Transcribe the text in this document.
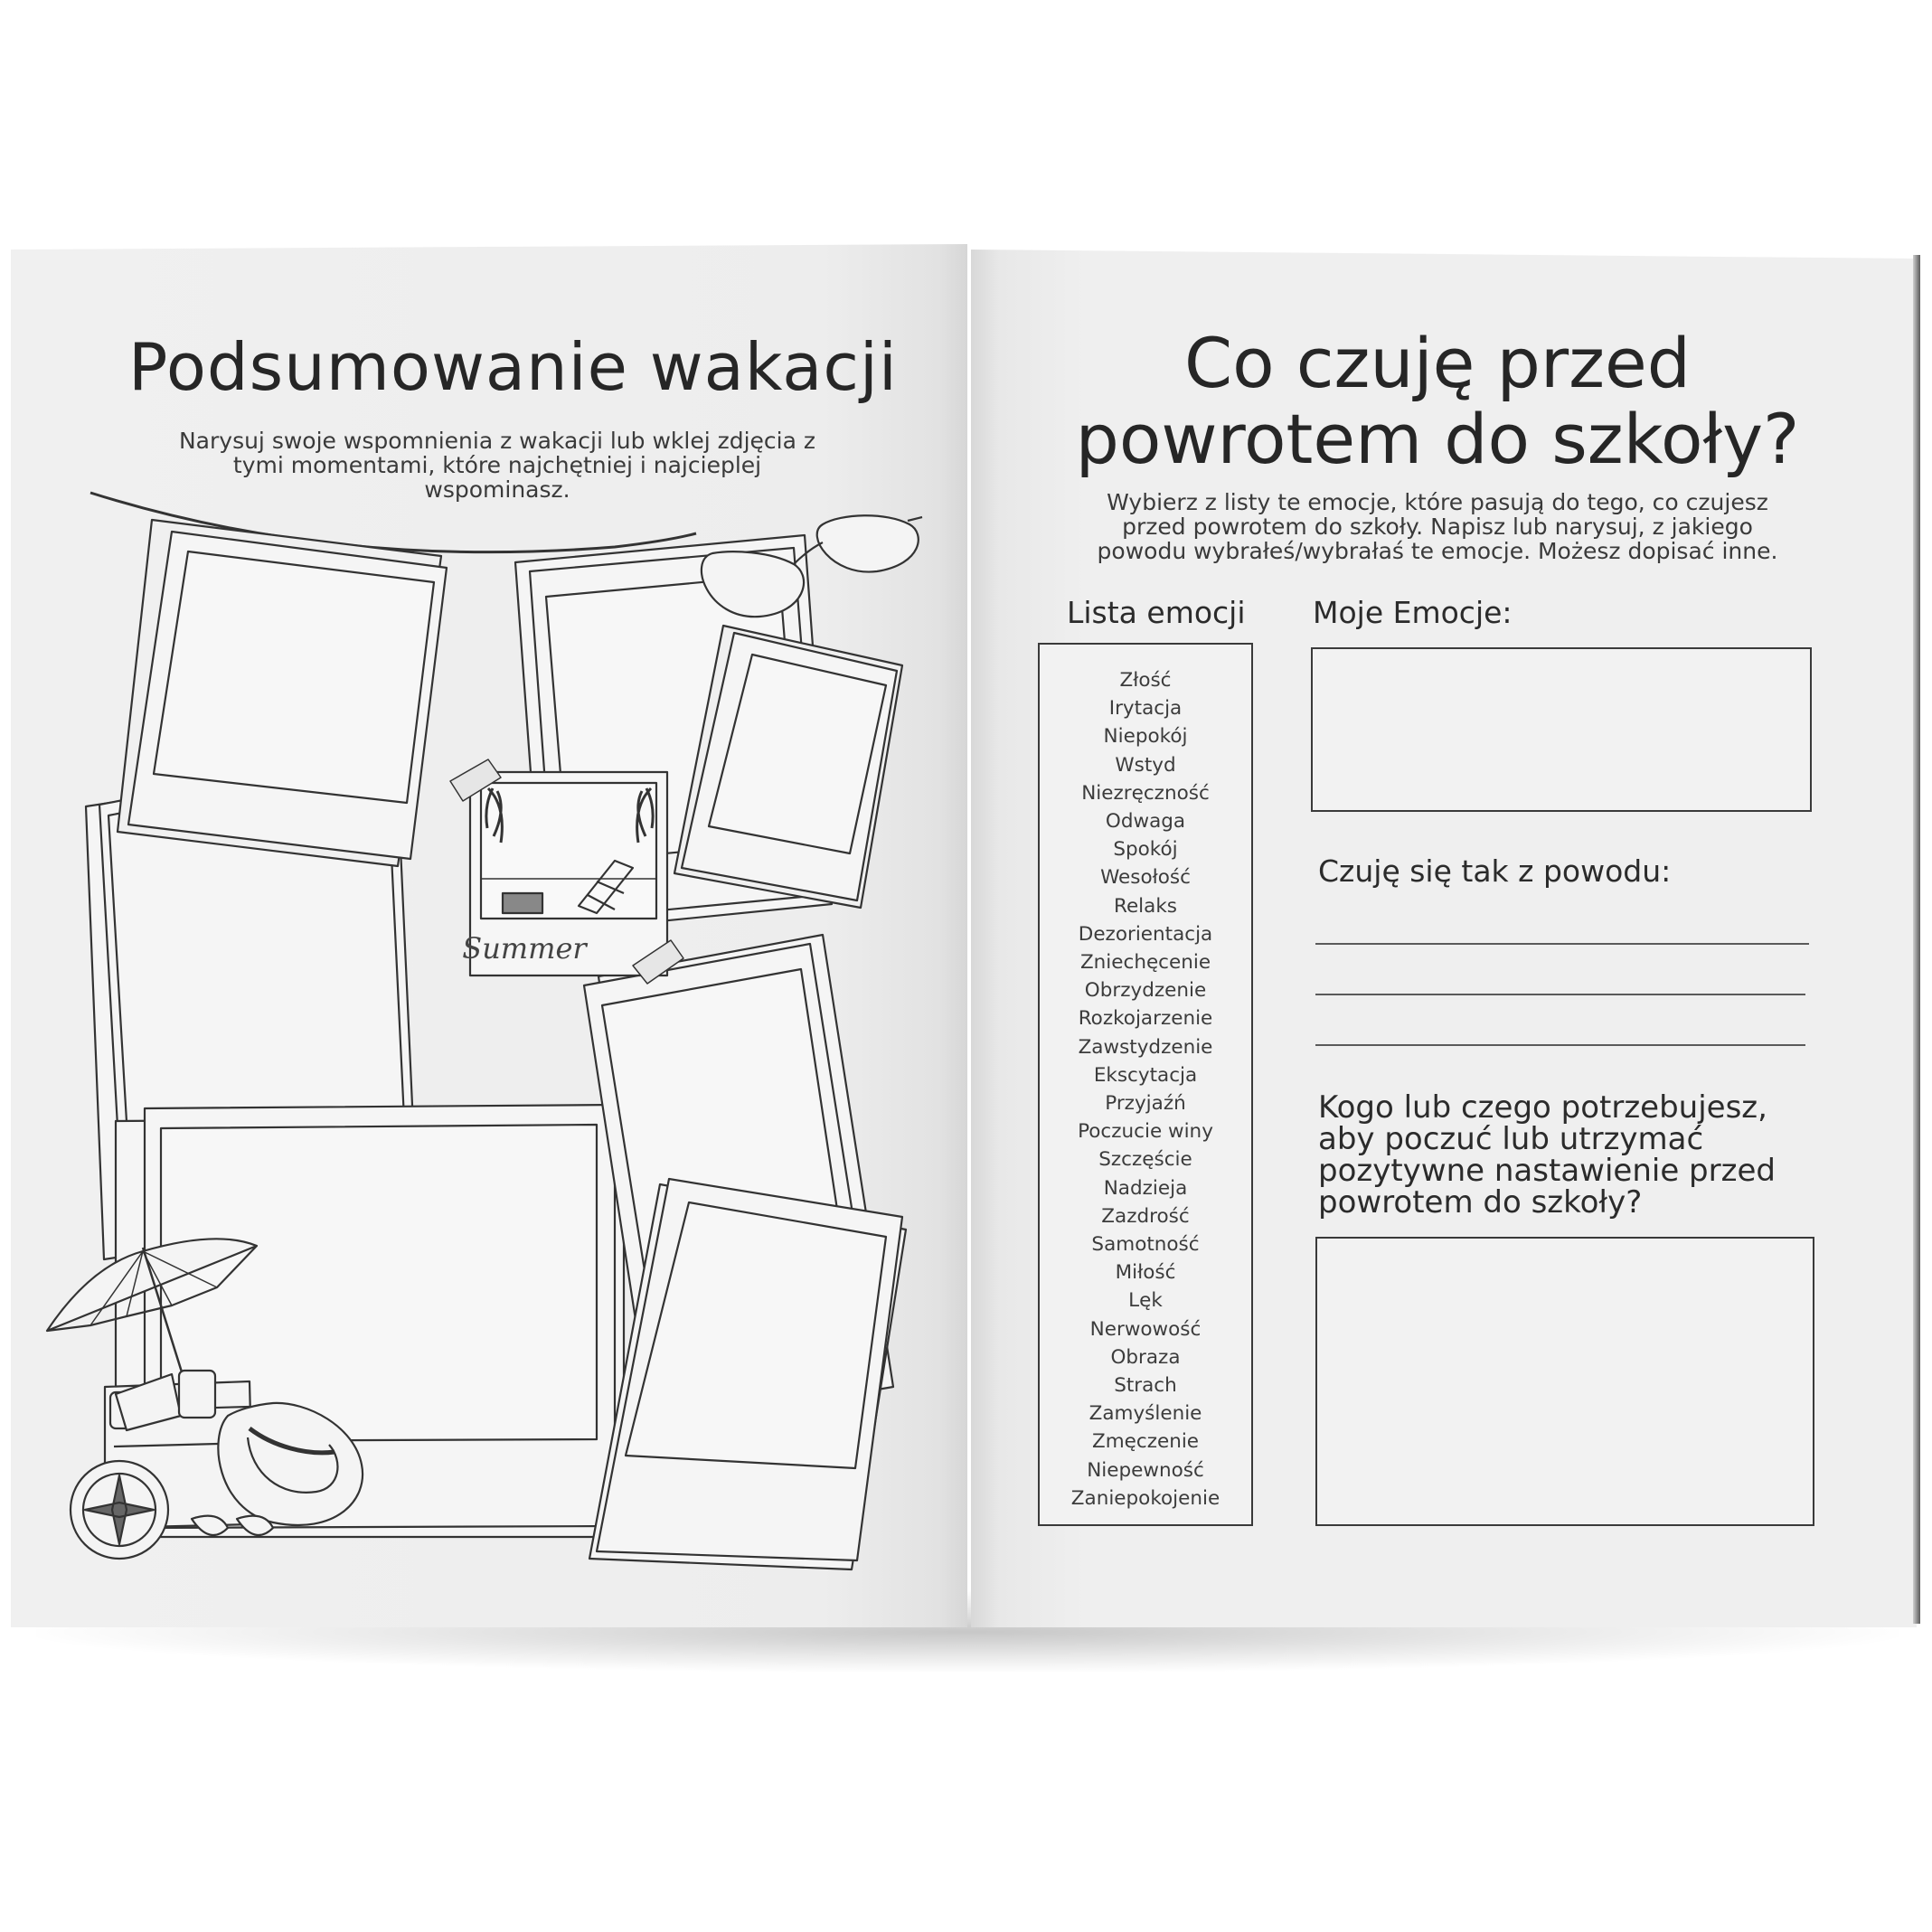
Podsumowanie wakacji
Narysuj swoje wspomnienia z wakacji lub wklej zdjęcia z tymi momentami, które najchętniej i najcieplej wspominasz.
Summer
Co czuję przed powrotem do szkoły?
Wybierz z listy te emocje, które pasują do tego, co czujesz przed powrotem do szkoły. Napisz lub narysuj, z jakiego powodu wybrałeś/wybrałaś te emocje. Możesz dopisać inne.
Lista emocji Moje Emocje:
Złość
Irytacja
Niepokój
Wstyd
Niezręczność
Odwaga
Spokój
Wesołość
Relaks
Dezorientacja
Zniechęcenie
Obrzydzenie
Rozkojarzenie
Zawstydzenie
Ekscytacja
Przyjaźń
Poczucie winy
Szczęście
Nadzieja
Zazdrość
Samotność
Miłość
Lęk
Nerwowość
Obraza
Strach
Zamyślenie
Zmęczenie
Niepewność
Zaniepokojenie
Czuję się tak z powodu:
Kogo lub czego potrzebujesz, aby poczuć lub utrzymać pozytywne nastawienie przed powrotem do szkoły?
